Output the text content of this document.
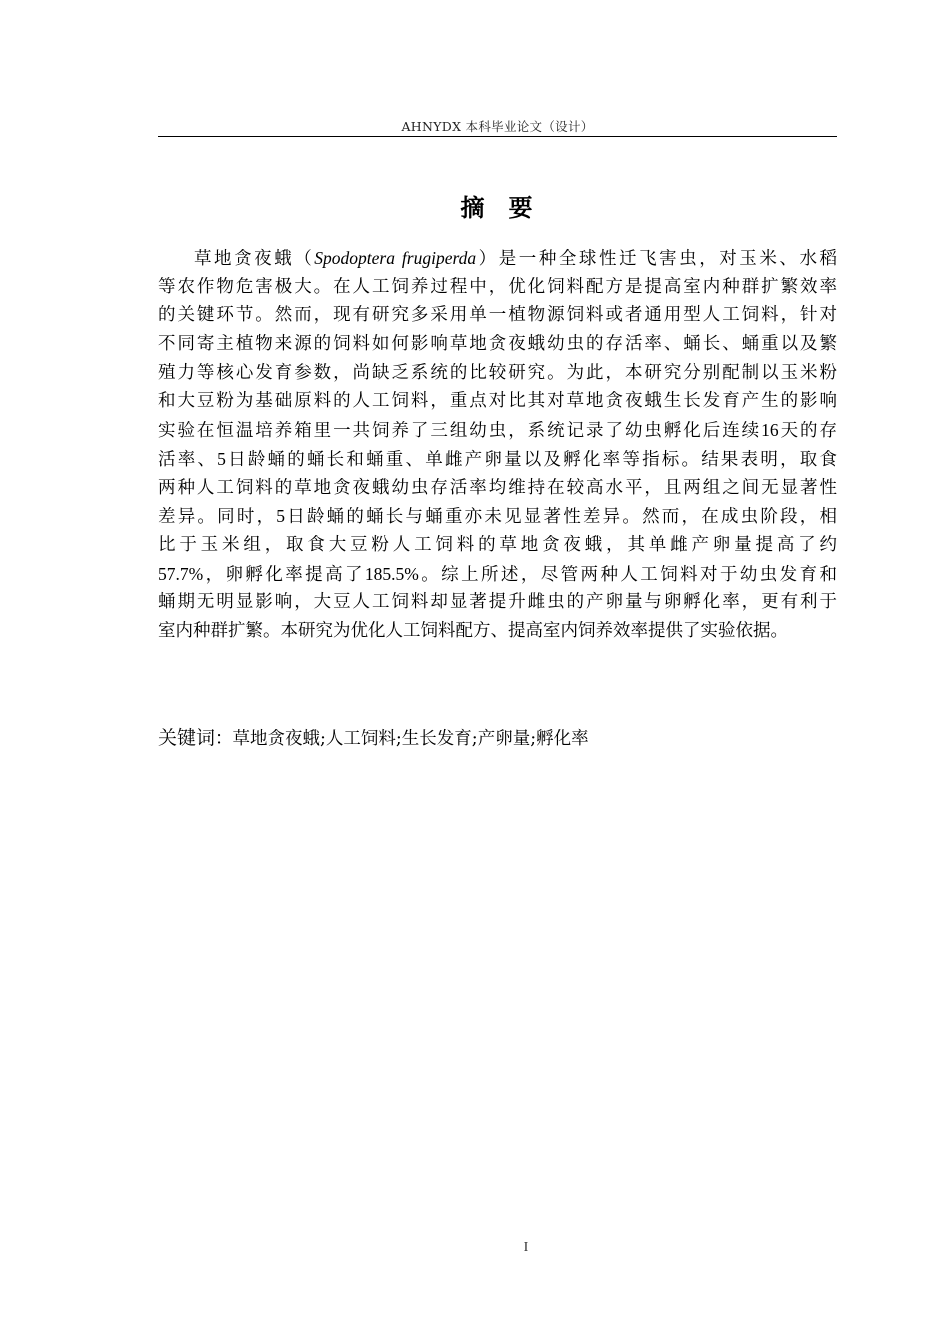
AHNYDX 本科毕业论文（设计）
摘 要
草地贪夜蛾（Spodoptera frugiperda）是一种全球性迁飞害虫，对玉米、水稻
等农作物危害极大。在人工饲养过程中，优化饲料配方是提高室内种群扩繁效率
的关键环节。然而，现有研究多采用单一植物源饲料或者通用型人工饲料，针对
不同寄主植物来源的饲料如何影响草地贪夜蛾幼虫的存活率、蛹长、蛹重以及繁
殖力等核心发育参数，尚缺乏系统的比较研究。为此，本研究分别配制以玉米粉
和大豆粉为基础原料的人工饲料，重点对比其对草地贪夜蛾生长发育产生的影响
实验在恒温培养箱里一共饲养了三组幼虫，系统记录了幼虫孵化后连续16天的存
活率、5日龄蛹的蛹长和蛹重、单雌产卵量以及孵化率等指标。结果表明，取食
两种人工饲料的草地贪夜蛾幼虫存活率均维持在较高水平，且两组之间无显著性
差异。同时，5日龄蛹的蛹长与蛹重亦未见显著性差异。然而，在成虫阶段，相
比于玉米组，取食大豆粉人工饲料的草地贪夜蛾，其单雌产卵量提高了约
57.7%，卵孵化率提高了185.5%。综上所述，尽管两种人工饲料对于幼虫发育和
蛹期无明显影响，大豆人工饲料却显著提升雌虫的产卵量与卵孵化率，更有利于
室内种群扩繁。本研究为优化人工饲料配方、提高室内饲养效率提供了实验依据。
关键词：草地贪夜蛾;人工饲料;生长发育;产卵量;孵化率
I
